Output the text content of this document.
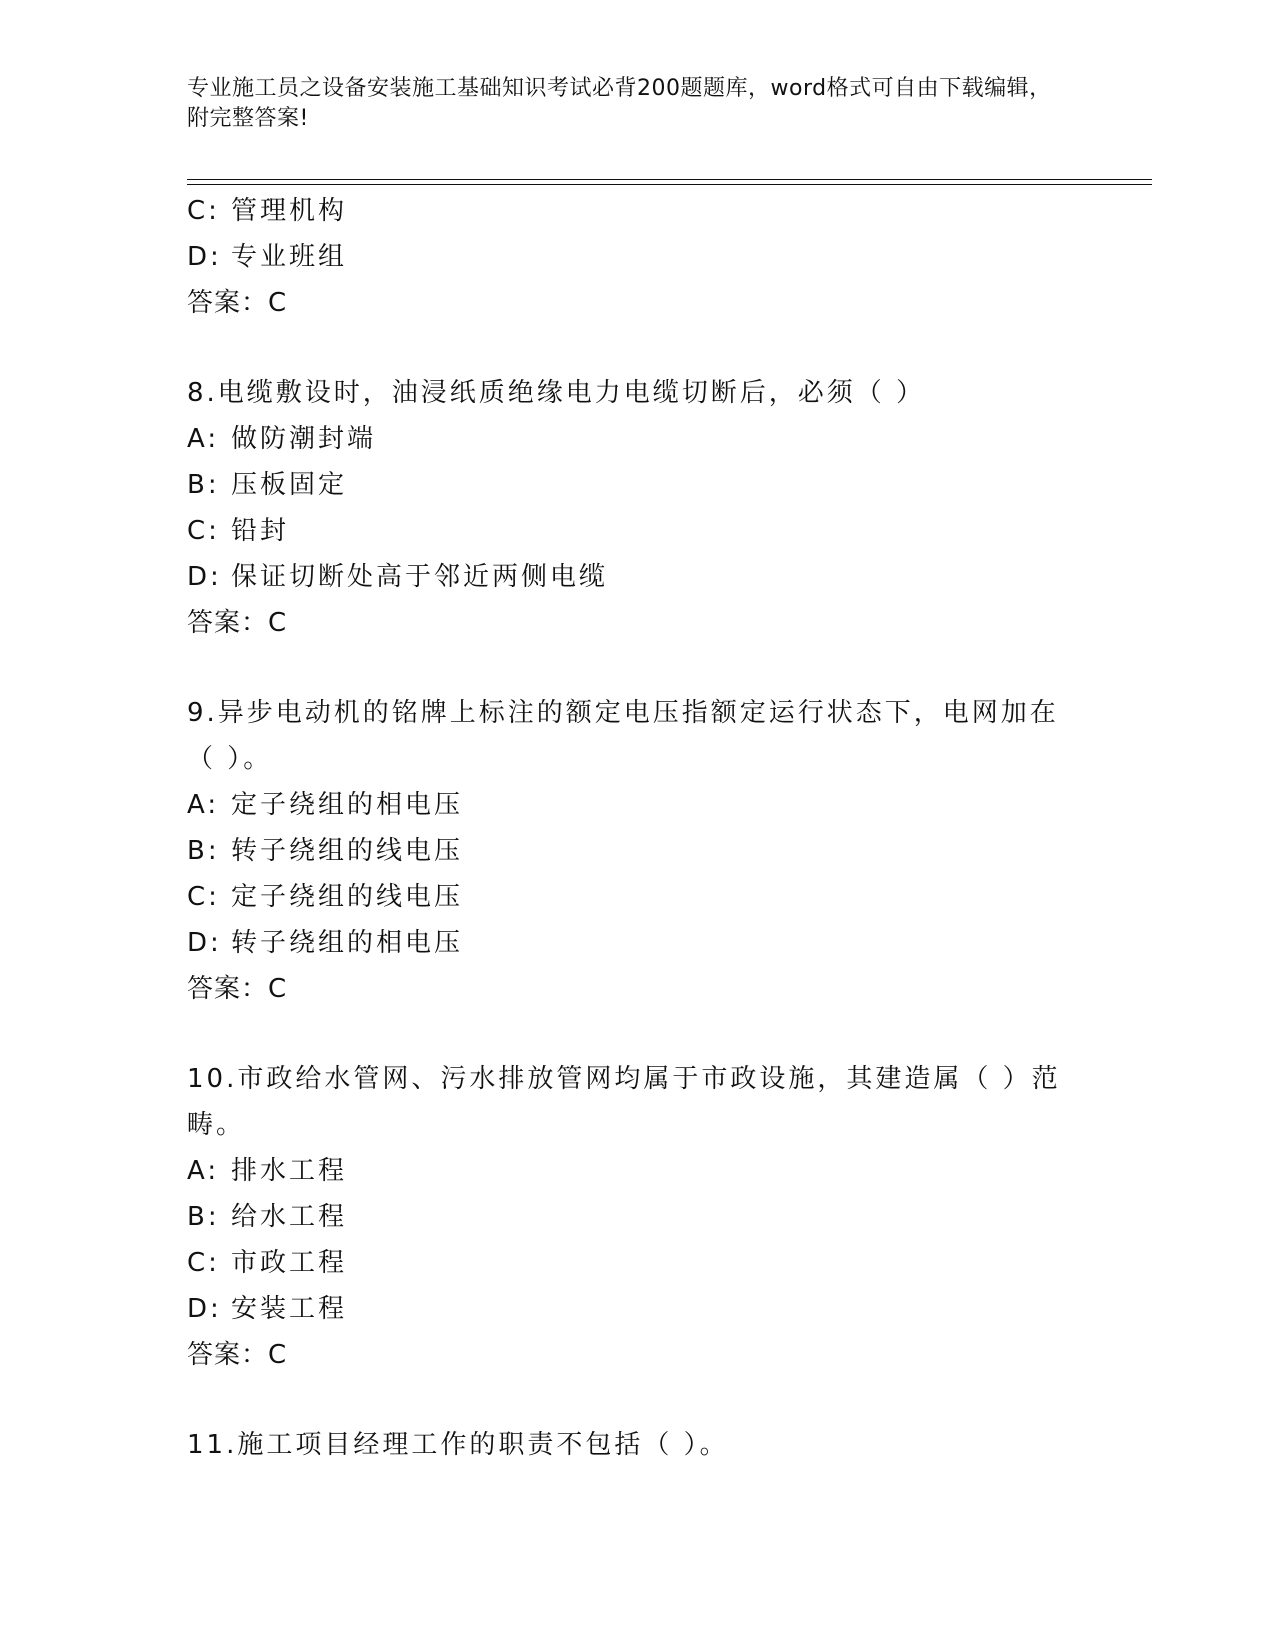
专业施工员之设备安装施工基础知识考试必背200题题库，word格式可自由下载编辑，附完整答案!
C: 管理机构
D: 专业班组
答案：C
8.电缆敷设时，油浸纸质绝缘电力电缆切断后，必须（ ）
A: 做防潮封端
B: 压板固定
C: 铅封
D: 保证切断处高于邻近两侧电缆
答案：C
9.异步电动机的铭牌上标注的额定电压指额定运行状态下，电网加在
（ ）。
A: 定子绕组的相电压
B: 转子绕组的线电压
C: 定子绕组的线电压
D: 转子绕组的相电压
答案：C
10.市政给水管网、污水排放管网均属于市政设施，其建造属（ ）范
畴。
A: 排水工程
B: 给水工程
C: 市政工程
D: 安装工程
答案：C
11.施工项目经理工作的职责不包括（ ）。
